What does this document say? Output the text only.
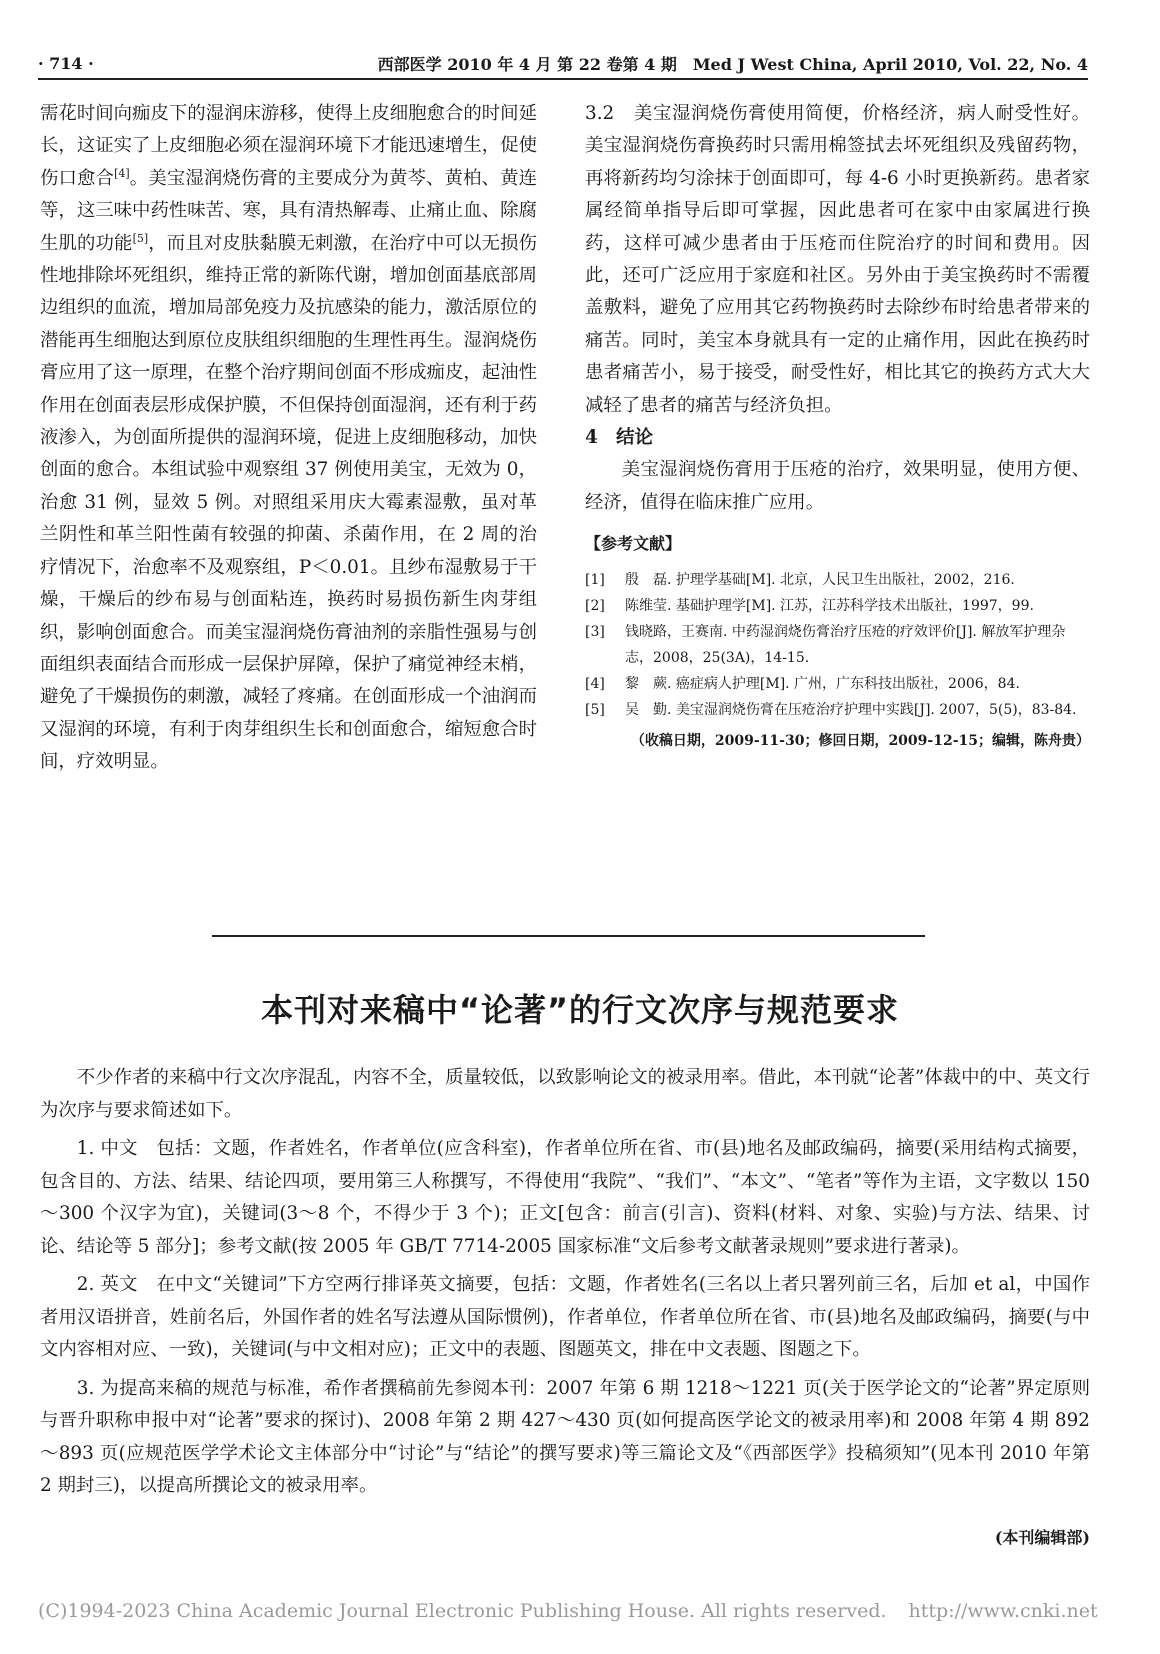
· 714 ·	西部医学 2010 年 4 月 第 22 卷第 4 期　Med J West China, April 2010, Vol. 22, No. 4

需花时间向痂皮下的湿润床游移，使得上皮细胞愈合的时间延长，这证实了上皮细胞必须在湿润环境下才能迅速增生，促使伤口愈合[4]。美宝湿润烧伤膏的主要成分为黄芩、黄柏、黄连等，这三味中药性味苦、寒，具有清热解毒、止痛止血、除腐生肌的功能[5]，而且对皮肤黏膜无刺激，在治疗中可以无损伤性地排除坏死组织，维持正常的新陈代谢，增加创面基底部周边组织的血流，增加局部免疫力及抗感染的能力，激活原位的潜能再生细胞达到原位皮肤组织细胞的生理性再生。湿润烧伤膏应用了这一原理，在整个治疗期间创面不形成痂皮，起油性作用在创面表层形成保护膜，不但保持创面湿润，还有利于药液渗入，为创面所提供的湿润环境，促进上皮细胞移动，加快创面的愈合。本组试验中观察组 37 例使用美宝，无效为 0，治愈 31 例，显效 5 例。对照组采用庆大霉素湿敷，虽对革兰阴性和革兰阳性菌有较强的抑菌、杀菌作用，在 2 周的治疗情况下，治愈率不及观察组，P＜0.01。且纱布湿敷易于干燥，干燥后的纱布易与创面粘连，换药时易损伤新生肉芽组织，影响创面愈合。而美宝湿润烧伤膏油剂的亲脂性强易与创面组织表面结合而形成一层保护屏障，保护了痛觉神经末梢，避免了干燥损伤的刺激，减轻了疼痛。在创面形成一个油润而又湿润的环境，有利于肉芽组织生长和创面愈合，缩短愈合时间，疗效明显。

3.2　美宝湿润烧伤膏使用简便，价格经济，病人耐受性好。美宝湿润烧伤膏换药时只需用棉签拭去坏死组织及残留药物，再将新药均匀涂抹于创面即可，每 4-6 小时更换新药。患者家属经简单指导后即可掌握，因此患者可在家中由家属进行换药，这样可减少患者由于压疮而住院治疗的时间和费用。因此，还可广泛应用于家庭和社区。另外由于美宝换药时不需覆盖敷料，避免了应用其它药物换药时去除纱布时给患者带来的痛苦。同时，美宝本身就具有一定的止痛作用，因此在换药时患者痛苦小，易于接受，耐受性好，相比其它的换药方式大大减轻了患者的痛苦与经济负担。

4　结论

美宝湿润烧伤膏用于压疮的治疗，效果明显，使用方便、经济，值得在临床推广应用。

【参考文献】
[1]	殷　磊. 护理学基础[M]. 北京，人民卫生出版社，2002，216.
[2]	陈维莹. 基础护理学[M]. 江苏，江苏科学技术出版社，1997，99.
[3]	钱晓路，王赛南. 中药湿润烧伤膏治疗压疮的疗效评价[J]. 解放军护理杂志，2008，25(3A)，14-15.
[4]	黎　蕨. 癌症病人护理[M]. 广州，广东科技出版社，2006，84.
[5]	吴　勤. 美宝湿润烧伤膏在压疮治疗护理中实践[J]. 2007，5(5)，83-84.
（收稿日期，2009-11-30；修回日期，2009-12-15；编辑，陈舟贵）
本刊对来稿中“论著”的行文次序与规范要求

不少作者的来稿中行文次序混乱，内容不全，质量较低，以致影响论文的被录用率。借此，本刊就“论著”体裁中的中、英文行为次序与要求简述如下。

1. 中文　包括：文题，作者姓名，作者单位(应含科室)，作者单位所在省、市(县)地名及邮政编码，摘要(采用结构式摘要，包含目的、方法、结果、结论四项，要用第三人称撰写，不得使用“我院”、“我们”、“本文”、“笔者”等作为主语，文字数以 150～300 个汉字为宜)，关键词(3～8 个，不得少于 3 个)；正文[包含：前言(引言)、资料(材料、对象、实验)与方法、结果、讨论、结论等 5 部分]；参考文献(按 2005 年 GB/T 7714-2005 国家标准“文后参考文献著录规则”要求进行著录)。

2. 英文　在中文“关键词”下方空两行排译英文摘要，包括：文题，作者姓名(三名以上者只署列前三名，后加 et al，中国作者用汉语拼音，姓前名后，外国作者的姓名写法遵从国际惯例)，作者单位，作者单位所在省、市(县)地名及邮政编码，摘要(与中文内容相对应、一致)，关键词(与中文相对应)；正文中的表题、图题英文，排在中文表题、图题之下。

3. 为提高来稿的规范与标准，希作者撰稿前先参阅本刊：2007 年第 6 期 1218～1221 页(关于医学论文的“论著”界定原则与晋升职称申报中对“论著”要求的探讨)、2008 年第 2 期 427～430 页(如何提高医学论文的被录用率)和 2008 年第 4 期 892～893 页(应规范医学学术论文主体部分中“讨论”与“结论”的撰写要求)等三篇论文及“《西部医学》投稿须知”(见本刊 2010 年第 2 期封三)，以提高所撰论文的被录用率。

(本刊编辑部)
(C)1994-2023 China Academic Journal Electronic Publishing House. All rights reserved. http://www.cnki.net
